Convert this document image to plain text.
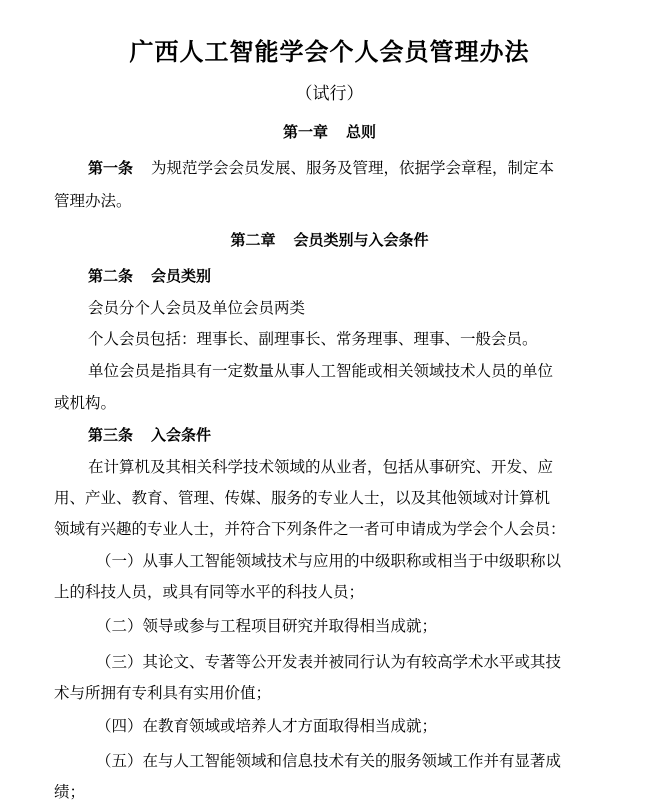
广西人工智能学会个人会员管理办法
（试行）
第一章 总则
第一条 为规范学会会员发展、服务及管理，依据学会章程，制定本
管理办法。
第二章 会员类别与入会条件
第二条 会员类别
会员分个人会员及单位会员两类
个人会员包括：理事长、副理事长、常务理事、理事、一般会员。
单位会员是指具有一定数量从事人工智能或相关领域技术人员的单位
或机构。
第三条 入会条件
在计算机及其相关科学技术领域的从业者，包括从事研究、开发、应
用、产业、教育、管理、传媒、服务的专业人士，以及其他领域对计算机
领域有兴趣的专业人士，并符合下列条件之一者可申请成为学会个人会员：
（一）从事人工智能领域技术与应用的中级职称或相当于中级职称以
上的科技人员，或具有同等水平的科技人员；
（二）领导或参与工程项目研究并取得相当成就；
（三）其论文、专著等公开发表并被同行认为有较高学术水平或其技
术与所拥有专利具有实用价值；
（四）在教育领域或培养人才方面取得相当成就；
（五）在与人工智能领域和信息技术有关的服务领域工作并有显著成
绩；
